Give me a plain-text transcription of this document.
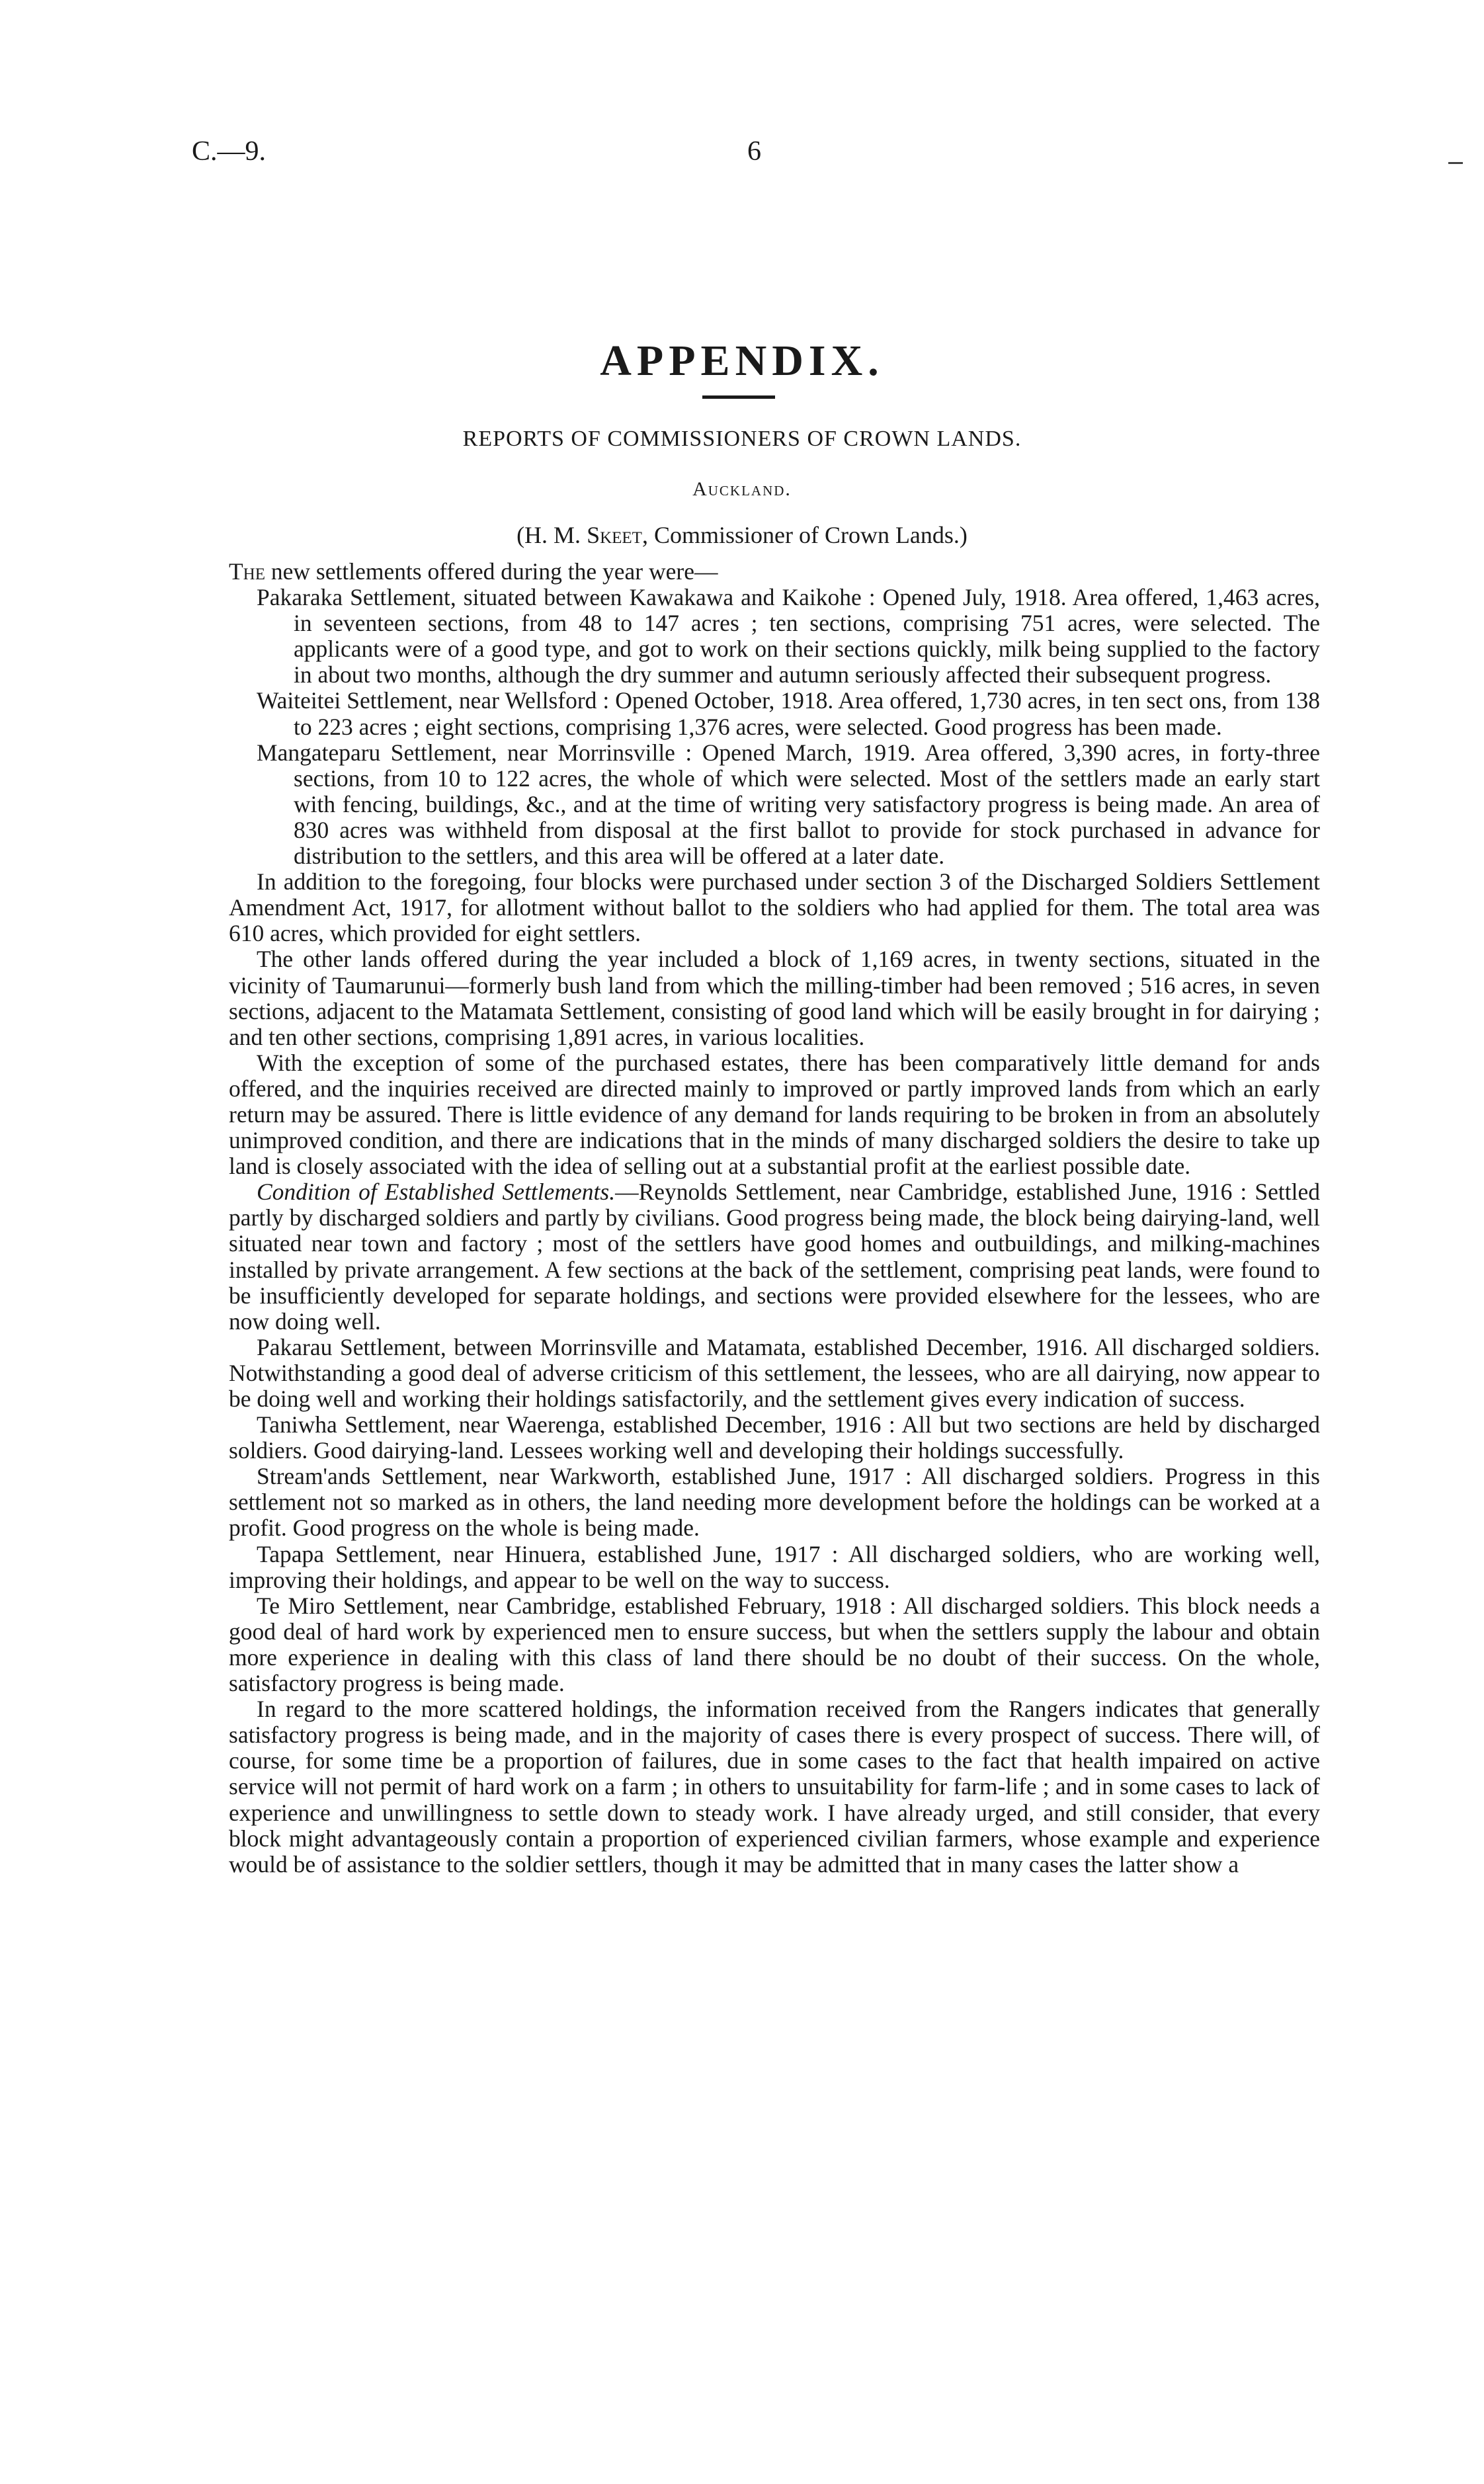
C.—9.	6
APPENDIX.
REPORTS OF COMMISSIONERS OF CROWN LANDS.
Auckland.
(H. M. Skeet, Commissioner of Crown Lands.)

The new settlements offered during the year were—

Pakaraka Settlement, situated between Kawakawa and Kaikohe : Opened July, 1918. Area offered, 1,463 acres, in seventeen sections, from 48 to 147 acres ; ten sections, comprising 751 acres, were selected. The applicants were of a good type, and got to work on their sections quickly, milk being supplied to the factory in about two months, although the dry summer and autumn seriously affected their subsequent progress.

Waiteitei Settlement, near Wellsford : Opened October, 1918. Area offered, 1,730 acres, in ten sect ons, from 138 to 223 acres ; eight sections, comprising 1,376 acres, were selected. Good progress has been made.

Mangateparu Settlement, near Morrinsville : Opened March, 1919. Area offered, 3,390 acres, in forty-three sections, from 10 to 122 acres, the whole of which were selected. Most of the settlers made an early start with fencing, buildings, &c., and at the time of writing very satisfactory progress is being made. An area of 830 acres was withheld from disposal at the first ballot to provide for stock purchased in advance for distribution to the settlers, and this area will be offered at a later date.

In addition to the foregoing, four blocks were purchased under section 3 of the Discharged Soldiers Settlement Amendment Act, 1917, for allotment without ballot to the soldiers who had applied for them. The total area was 610 acres, which provided for eight settlers.

The other lands offered during the year included a block of 1,169 acres, in twenty sections, situated in the vicinity of Taumarunui—formerly bush land from which the milling-timber had been removed ; 516 acres, in seven sections, adjacent to the Matamata Settlement, consisting of good land which will be easily brought in for dairying ; and ten other sections, comprising 1,891 acres, in various localities.

With the exception of some of the purchased estates, there has been comparatively little demand for ands offered, and the inquiries received are directed mainly to improved or partly improved lands from which an early return may be assured. There is little evidence of any demand for lands requiring to be broken in from an absolutely unimproved condition, and there are indications that in the minds of many discharged soldiers the desire to take up land is closely associated with the idea of selling out at a substantial profit at the earliest possible date.

Condition of Established Settlements.—Reynolds Settlement, near Cambridge, established June, 1916 : Settled partly by discharged soldiers and partly by civilians. Good progress being made, the block being dairying-land, well situated near town and factory ; most of the settlers have good homes and outbuildings, and milking-machines installed by private arrangement. A few sections at the back of the settlement, comprising peat lands, were found to be insufficiently developed for separate holdings, and sections were provided elsewhere for the lessees, who are now doing well.

Pakarau Settlement, between Morrinsville and Matamata, established December, 1916. All discharged soldiers. Notwithstanding a good deal of adverse criticism of this settlement, the lessees, who are all dairying, now appear to be doing well and working their holdings satisfactorily, and the settlement gives every indication of success.

Taniwha Settlement, near Waerenga, established December, 1916 : All but two sections are held by discharged soldiers. Good dairying-land. Lessees working well and developing their holdings successfully.

Stream'ands Settlement, near Warkworth, established June, 1917 : All discharged soldiers. Progress in this settlement not so marked as in others, the land needing more development before the holdings can be worked at a profit. Good progress on the whole is being made.

Tapapa Settlement, near Hinuera, established June, 1917 : All discharged soldiers, who are working well, improving their holdings, and appear to be well on the way to success.

Te Miro Settlement, near Cambridge, established February, 1918 : All discharged soldiers. This block needs a good deal of hard work by experienced men to ensure success, but when the settlers supply the labour and obtain more experience in dealing with this class of land there should be no doubt of their success. On the whole, satisfactory progress is being made.

In regard to the more scattered holdings, the information received from the Rangers indicates that generally satisfactory progress is being made, and in the majority of cases there is every prospect of success. There will, of course, for some time be a proportion of failures, due in some cases to the fact that health impaired on active service will not permit of hard work on a farm ; in others to unsuitability for farm-life ; and in some cases to lack of experience and unwillingness to settle down to steady work. I have already urged, and still consider, that every block might advantageously contain a proportion of experienced civilian farmers, whose example and experience would be of assistance to the soldier settlers, though it may be admitted that in many cases the latter show a
